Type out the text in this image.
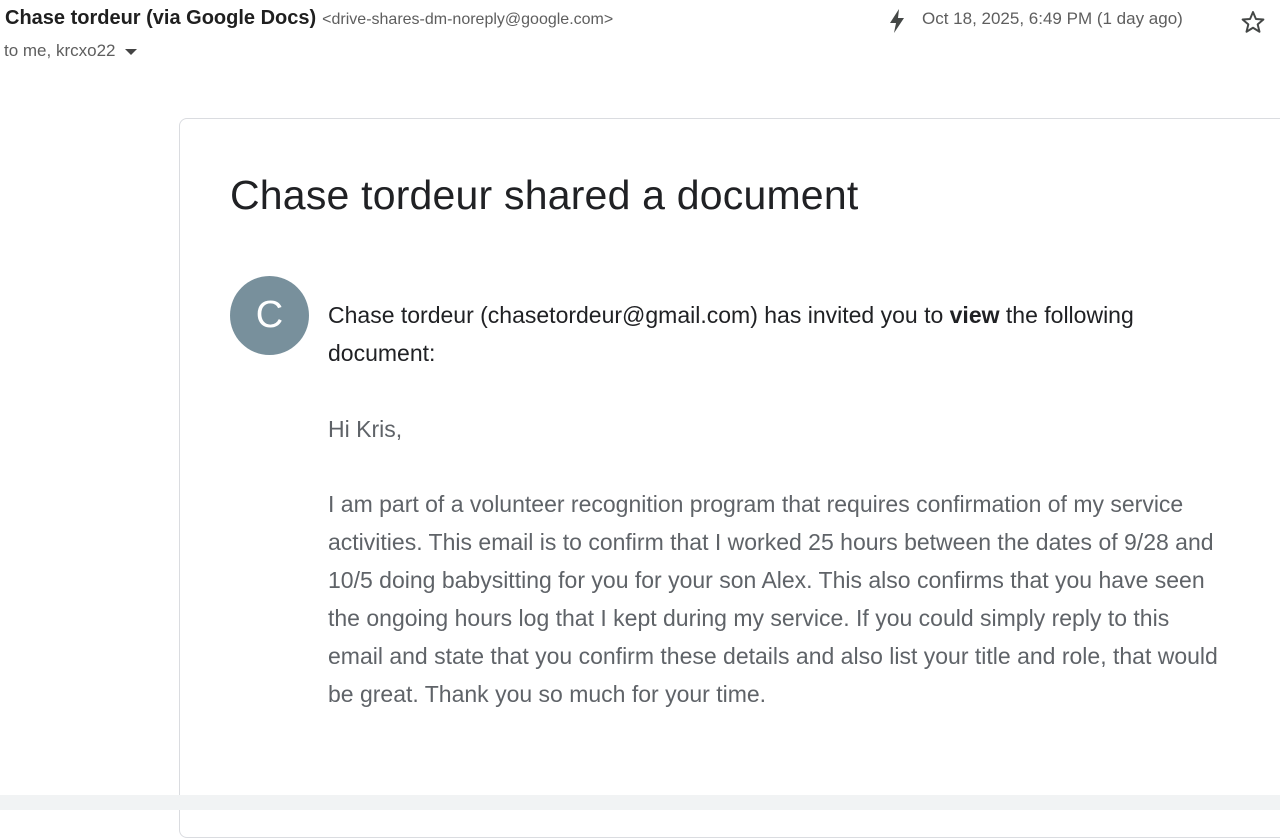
Chase tordeur (via Google Docs) <drive-shares-dm-noreply@google.com>
to me, krcxo22
Oct 18, 2025, 6:49 PM (1 day ago)
Chase tordeur shared a document
C Chase tordeur (chasetordeur@gmail.com) has invited you to view the following document:
Hi Kris,
I am part of a volunteer recognition program that requires confirmation of my service activities. This email is to confirm that I worked 25 hours between the dates of 9/28 and 10/5 doing babysitting for you for your son Alex. This also confirms that you have seen the ongoing hours log that I kept during my service. If you could simply reply to this email and state that you confirm these details and also list your title and role, that would be great. Thank you so much for your time.
